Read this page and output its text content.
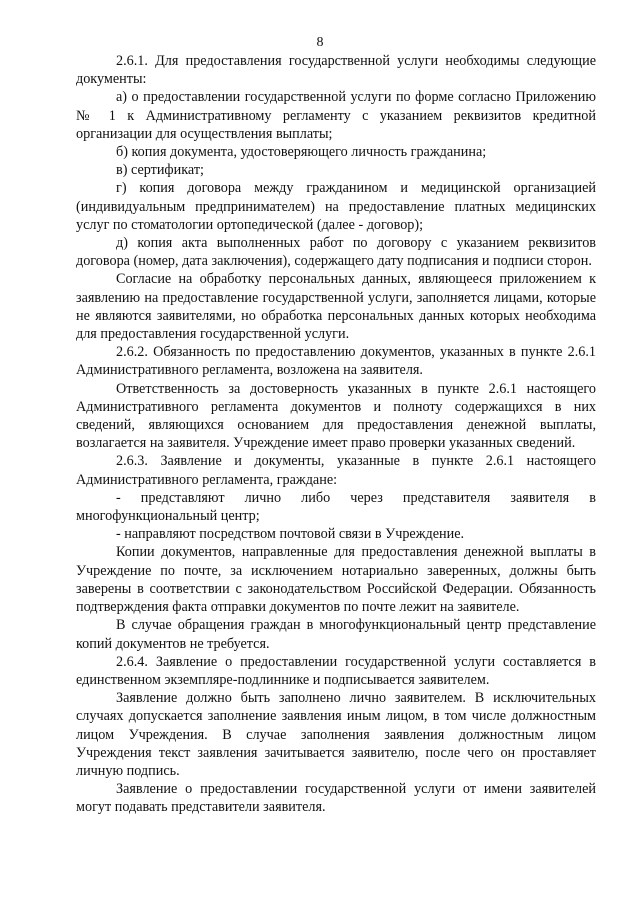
8

2.6.1. Для предоставления государственной услуги необходимы следующие документы:

а) о предоставлении государственной услуги по форме согласно Приложению № 1 к Административному регламенту с указанием реквизитов кредитной организации для осуществления выплаты;

б) копия документа, удостоверяющего личность гражданина;

в) сертификат;

г) копия договора между гражданином и медицинской организацией (индивидуальным предпринимателем) на предоставление платных медицинских услуг по стоматологии ортопедической (далее - договор);

д) копия акта выполненных работ по договору с указанием реквизитов договора (номер, дата заключения), содержащего дату подписания и подписи сторон.

Согласие на обработку персональных данных, являющееся приложением к заявлению на предоставление государственной услуги, заполняется лицами, которые не являются заявителями, но обработка персональных данных которых необходима для предоставления государственной услуги.

2.6.2. Обязанность по предоставлению документов, указанных в пункте 2.6.1 Административного регламента, возложена на заявителя.

Ответственность за достоверность указанных в пункте 2.6.1 настоящего Административного регламента документов и полноту содержащихся в них сведений, являющихся основанием для предоставления денежной выплаты, возлагается на заявителя. Учреждение имеет право проверки указанных сведений.

2.6.3. Заявление и документы, указанные в пункте 2.6.1 настоящего Административного регламента, граждане:

- представляют лично либо через представителя заявителя в многофункциональный центр;

- направляют посредством почтовой связи в Учреждение.

Копии документов, направленные для предоставления денежной выплаты в Учреждение по почте, за исключением нотариально заверенных, должны быть заверены в соответствии с законодательством Российской Федерации. Обязанность подтверждения факта отправки документов по почте лежит на заявителе.

В случае обращения граждан в многофункциональный центр представление копий документов не требуется.

2.6.4. Заявление о предоставлении государственной услуги составляется в единственном экземпляре-подлиннике и подписывается заявителем.

Заявление должно быть заполнено лично заявителем. В исключительных случаях допускается заполнение заявления иным лицом, в том числе должностным лицом Учреждения. В случае заполнения заявления должностным лицом Учреждения текст заявления зачитывается заявителю, после чего он проставляет личную подпись.

Заявление о предоставлении государственной услуги от имени заявителей могут подавать представители заявителя.
